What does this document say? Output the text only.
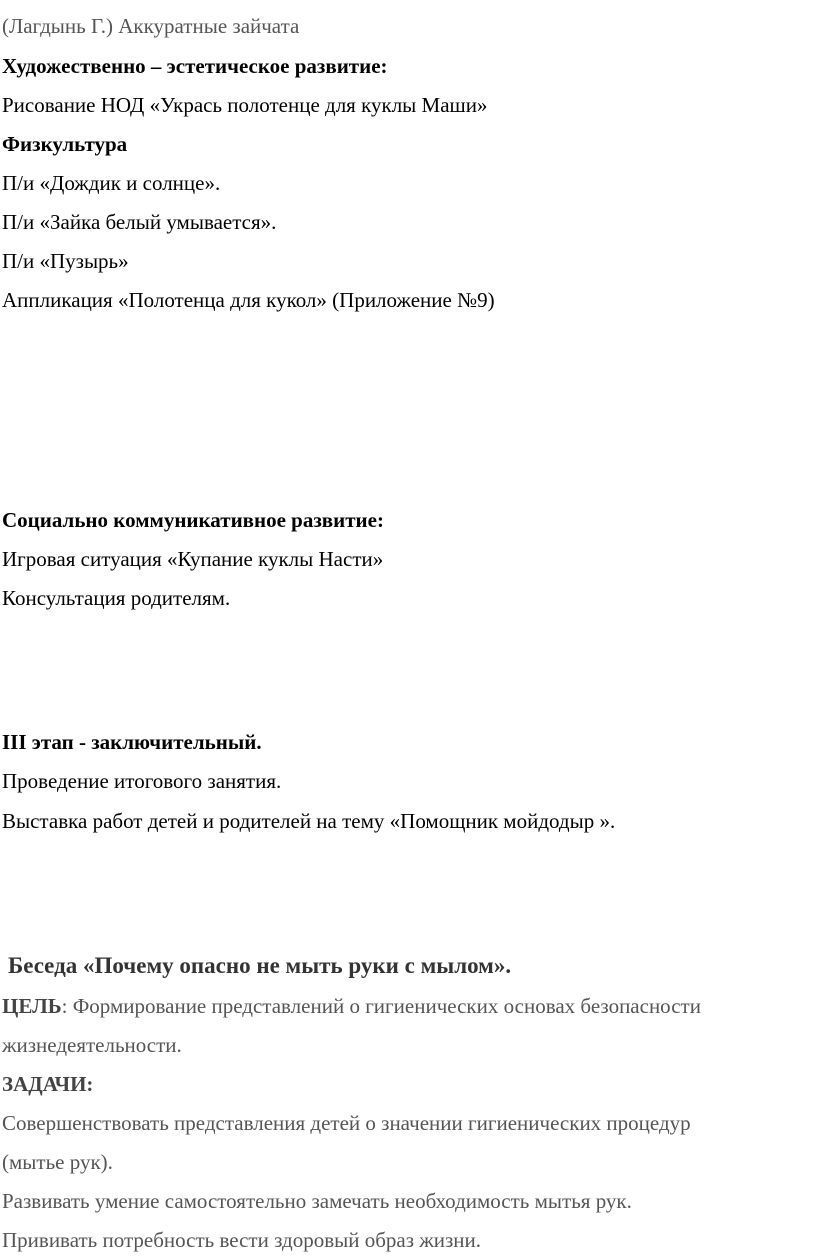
(Лагдынь Г.) Аккуратные зайчата
Художественно – эстетическое развитие:
Рисование НОД «Укрась полотенце для куклы Маши»
Физкультура
П/и «Дождик и солнце».
П/и «Зайка белый умывается».
П/и «Пузырь»
Аппликация «Полотенца для кукол» (Приложение №9)
Социально коммуникативное развитие:
Игровая ситуация «Купание куклы Насти»
Консультация родителям.
III этап - заключительный.
Проведение итогового занятия.
Выставка работ детей и родителей на тему «Помощник мойдодыр ».
Беседа «Почему опасно не мыть руки с мылом».
ЦЕЛЬ: Формирование представлений о гигиенических основах безопасности
жизнедеятельности.
ЗАДАЧИ:
Совершенствовать представления детей о значении гигиенических процедур
(мытье рук).
Развивать умение самостоятельно замечать необходимость мытья рук.
Прививать потребность вести здоровый образ жизни.
